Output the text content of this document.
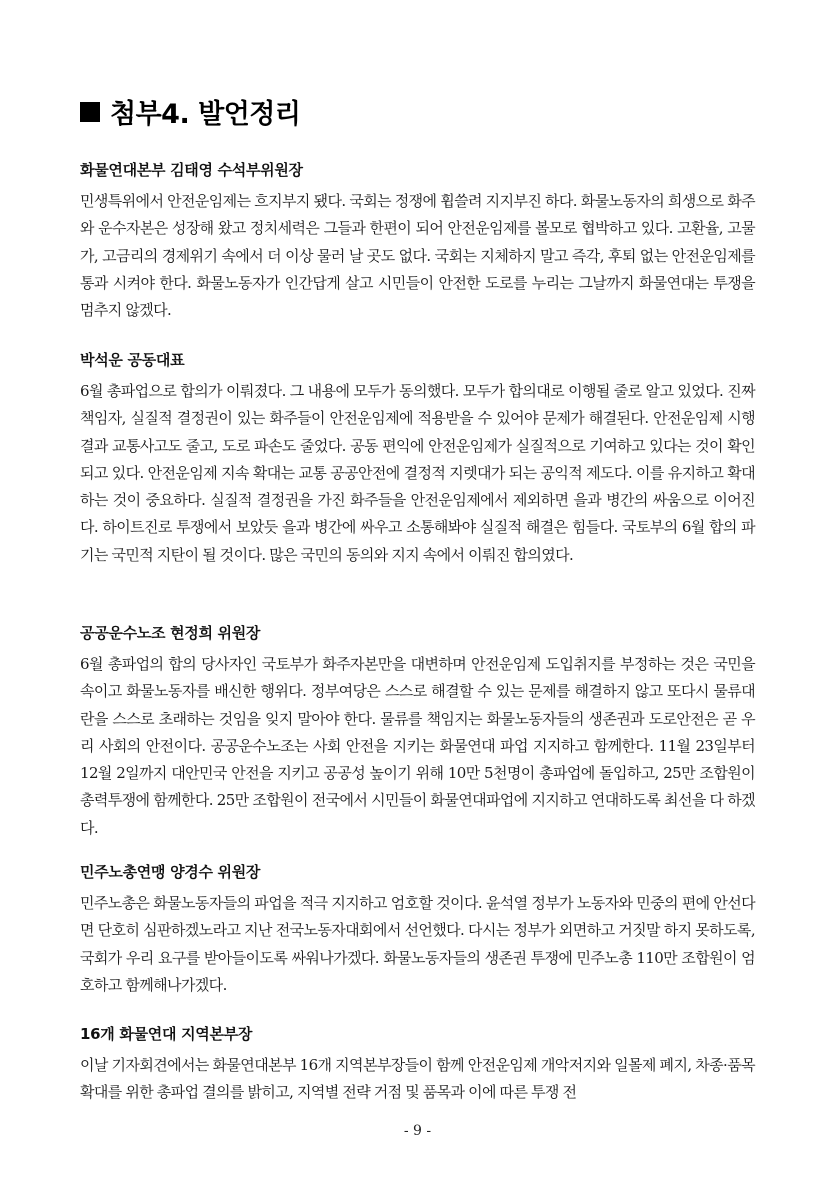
첨부4. 발언정리
화물연대본부 김태영 수석부위원장
민생특위에서 안전운임제는 흐지부지 됐다. 국회는 정쟁에 휩쓸려 지지부진 하다. 화물노동자의 희생으로 화주와 운수자본은 성장해 왔고 정치세력은 그들과 한편이 되어 안전운임제를 볼모로 협박하고 있다. 고환율, 고물가, 고금리의 경제위기 속에서 더 이상 물러 날 곳도 없다. 국회는 지체하지 말고 즉각, 후퇴 없는 안전운임제를 통과 시켜야 한다. 화물노동자가 인간답게 살고 시민들이 안전한 도로를 누리는 그날까지 화물연대는 투쟁을 멈추지 않겠다.
박석운 공동대표
6월 총파업으로 합의가 이뤄졌다. 그 내용에 모두가 동의했다. 모두가 합의대로 이행될 줄로 알고 있었다. 진짜 책임자, 실질적 결정권이 있는 화주들이 안전운임제에 적용받을 수 있어야 문제가 해결된다. 안전운임제 시행 결과 교통사고도 줄고, 도로 파손도 줄었다. 공동 편익에 안전운임제가 실질적으로 기여하고 있다는 것이 확인되고 있다. 안전운임제 지속 확대는 교통 공공안전에 결정적 지렛대가 되는 공익적 제도다. 이를 유지하고 확대하는 것이 중요하다. 실질적 결정권을 가진 화주들을 안전운임제에서 제외하면 을과 병간의 싸움으로 이어진다. 하이트진로 투쟁에서 보았듯 을과 병간에 싸우고 소통해봐야 실질적 해결은 힘들다. 국토부의 6월 합의 파기는 국민적 지탄이 될 것이다. 많은 국민의 동의와 지지 속에서 이뤄진 합의였다.
공공운수노조 현정희 위원장
6월 총파업의 합의 당사자인 국토부가 화주자본만을 대변하며 안전운임제 도입취지를 부정하는 것은 국민을 속이고 화물노동자를 배신한 행위다. 정부여당은 스스로 해결할 수 있는 문제를 해결하지 않고 또다시 물류대란을 스스로 초래하는 것임을 잊지 말아야 한다. 물류를 책임지는 화물노동자들의 생존권과 도로안전은 곧 우리 사회의 안전이다. 공공운수노조는 사회 안전을 지키는 화물연대 파업 지지하고 함께한다. 11월 23일부터 12월 2일까지 대안민국 안전을 지키고 공공성 높이기 위해 10만 5천명이 총파업에 돌입하고, 25만 조합원이 총력투쟁에 함께한다. 25만 조합원이 전국에서 시민들이 화물연대파업에 지지하고 연대하도록 최선을 다 하겠다.
민주노총연맹 양경수 위원장
민주노총은 화물노동자들의 파업을 적극 지지하고 엄호할 것이다. 윤석열 정부가 노동자와 민중의 편에 안선다면 단호히 심판하겠노라고 지난 전국노동자대회에서 선언했다. 다시는 정부가 외면하고 거짓말 하지 못하도록, 국회가 우리 요구를 받아들이도록 싸워나가겠다. 화물노동자들의 생존권 투쟁에 민주노총 110만 조합원이 엄호하고 함께해나가겠다.
16개 화물연대 지역본부장
이날 기자회견에서는 화물연대본부 16개 지역본부장들이 함께 안전운임제 개악저지와 일몰제 폐지, 차종·품목 확대를 위한 총파업 결의를 밝히고, 지역별 전략 거점 및 품목과 이에 따른 투쟁 전
- 9 -
